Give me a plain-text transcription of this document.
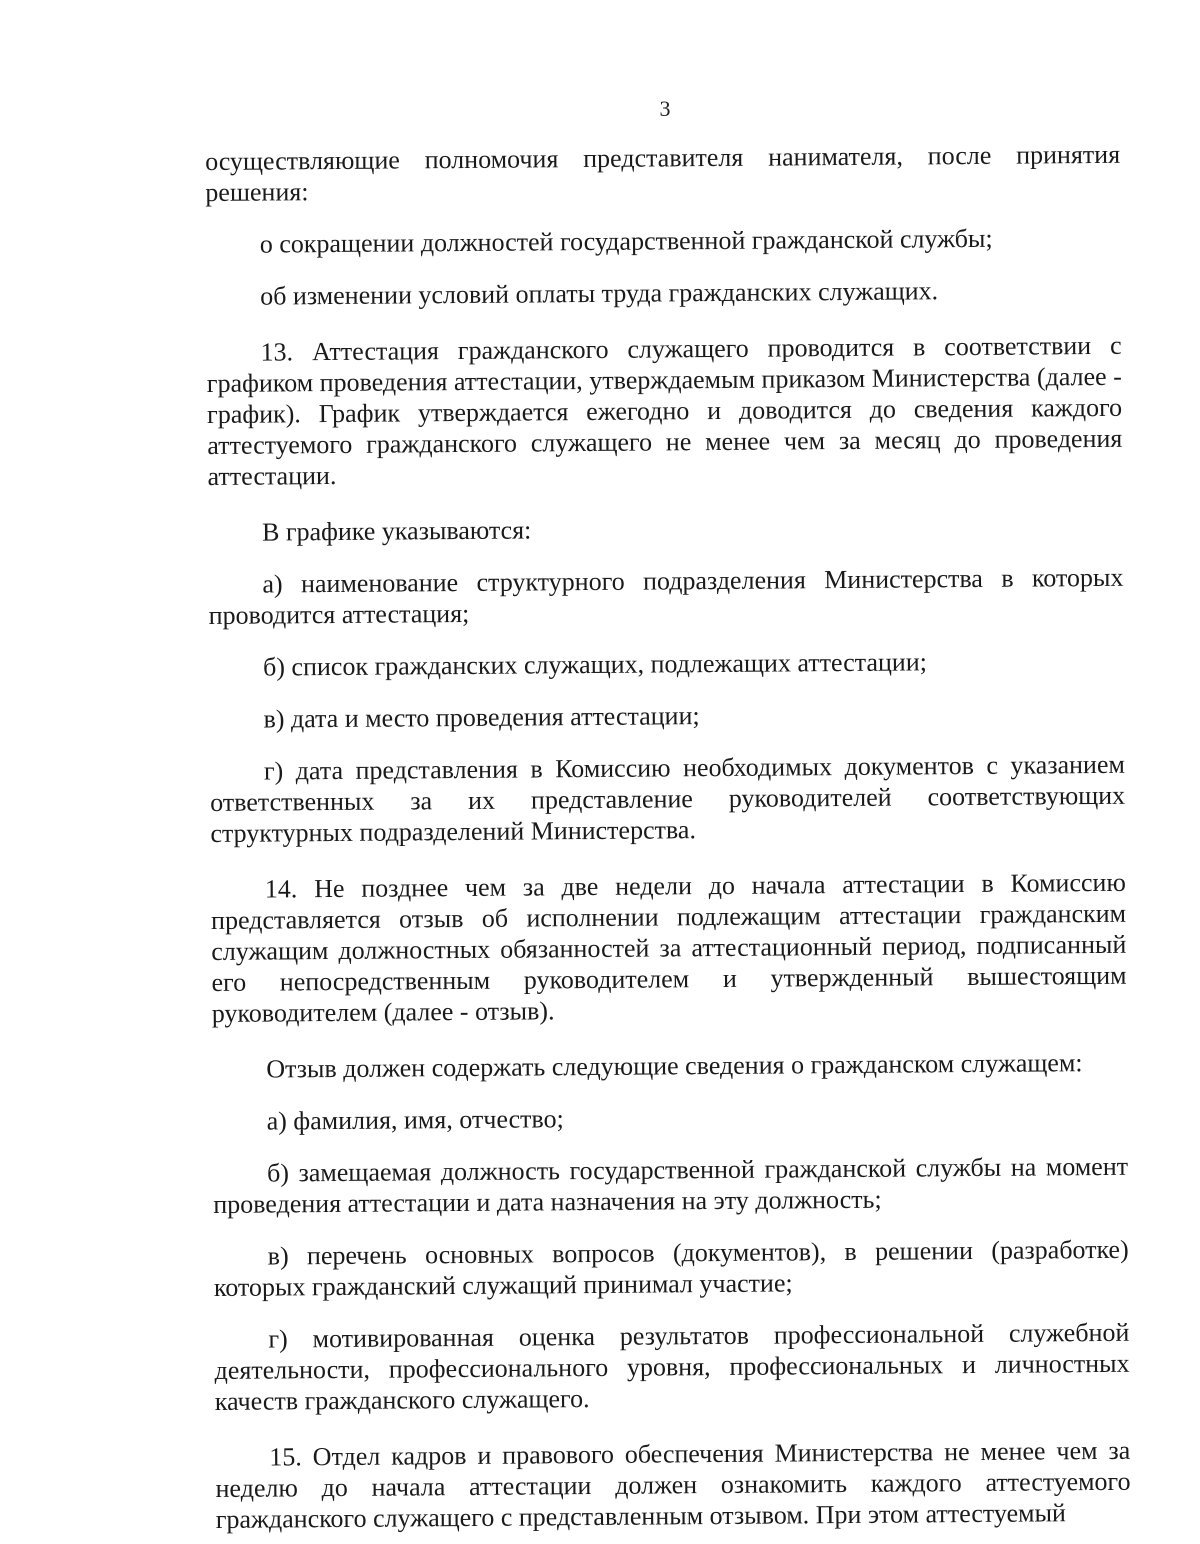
3

осуществляющие полномочия представителя нанимателя, после принятия решения:

о сокращении должностей государственной гражданской службы;

об изменении условий оплаты труда гражданских служащих.

13. Аттестация гражданского служащего проводится в соответствии с графиком проведения аттестации, утверждаемым приказом Министерства (далее - график). График утверждается ежегодно и доводится до сведения каждого аттестуемого гражданского служащего не менее чем за месяц до проведения аттестации.

В графике указываются:

а) наименование структурного подразделения Министерства в которых проводится аттестация;

б) список гражданских служащих, подлежащих аттестации;

в) дата и место проведения аттестации;

г) дата представления в Комиссию необходимых документов с указанием ответственных за их представление руководителей соответствующих структурных подразделений Министерства.

14. Не позднее чем за две недели до начала аттестации в Комиссию представляется отзыв об исполнении подлежащим аттестации гражданским служащим должностных обязанностей за аттестационный период, подписанный его непосредственным руководителем и утвержденный вышестоящим руководителем (далее - отзыв).

Отзыв должен содержать следующие сведения о гражданском служащем:

а) фамилия, имя, отчество;

б) замещаемая должность государственной гражданской службы на момент проведения аттестации и дата назначения на эту должность;

в) перечень основных вопросов (документов), в решении (разработке) которых гражданский служащий принимал участие;

г) мотивированная оценка результатов профессиональной служебной деятельности, профессионального уровня, профессиональных и личностных качеств гражданского служащего.

15. Отдел кадров и правового обеспечения Министерства не менее чем за неделю до начала аттестации должен ознакомить каждого аттестуемого гражданского служащего с представленным отзывом. При этом аттестуемый
